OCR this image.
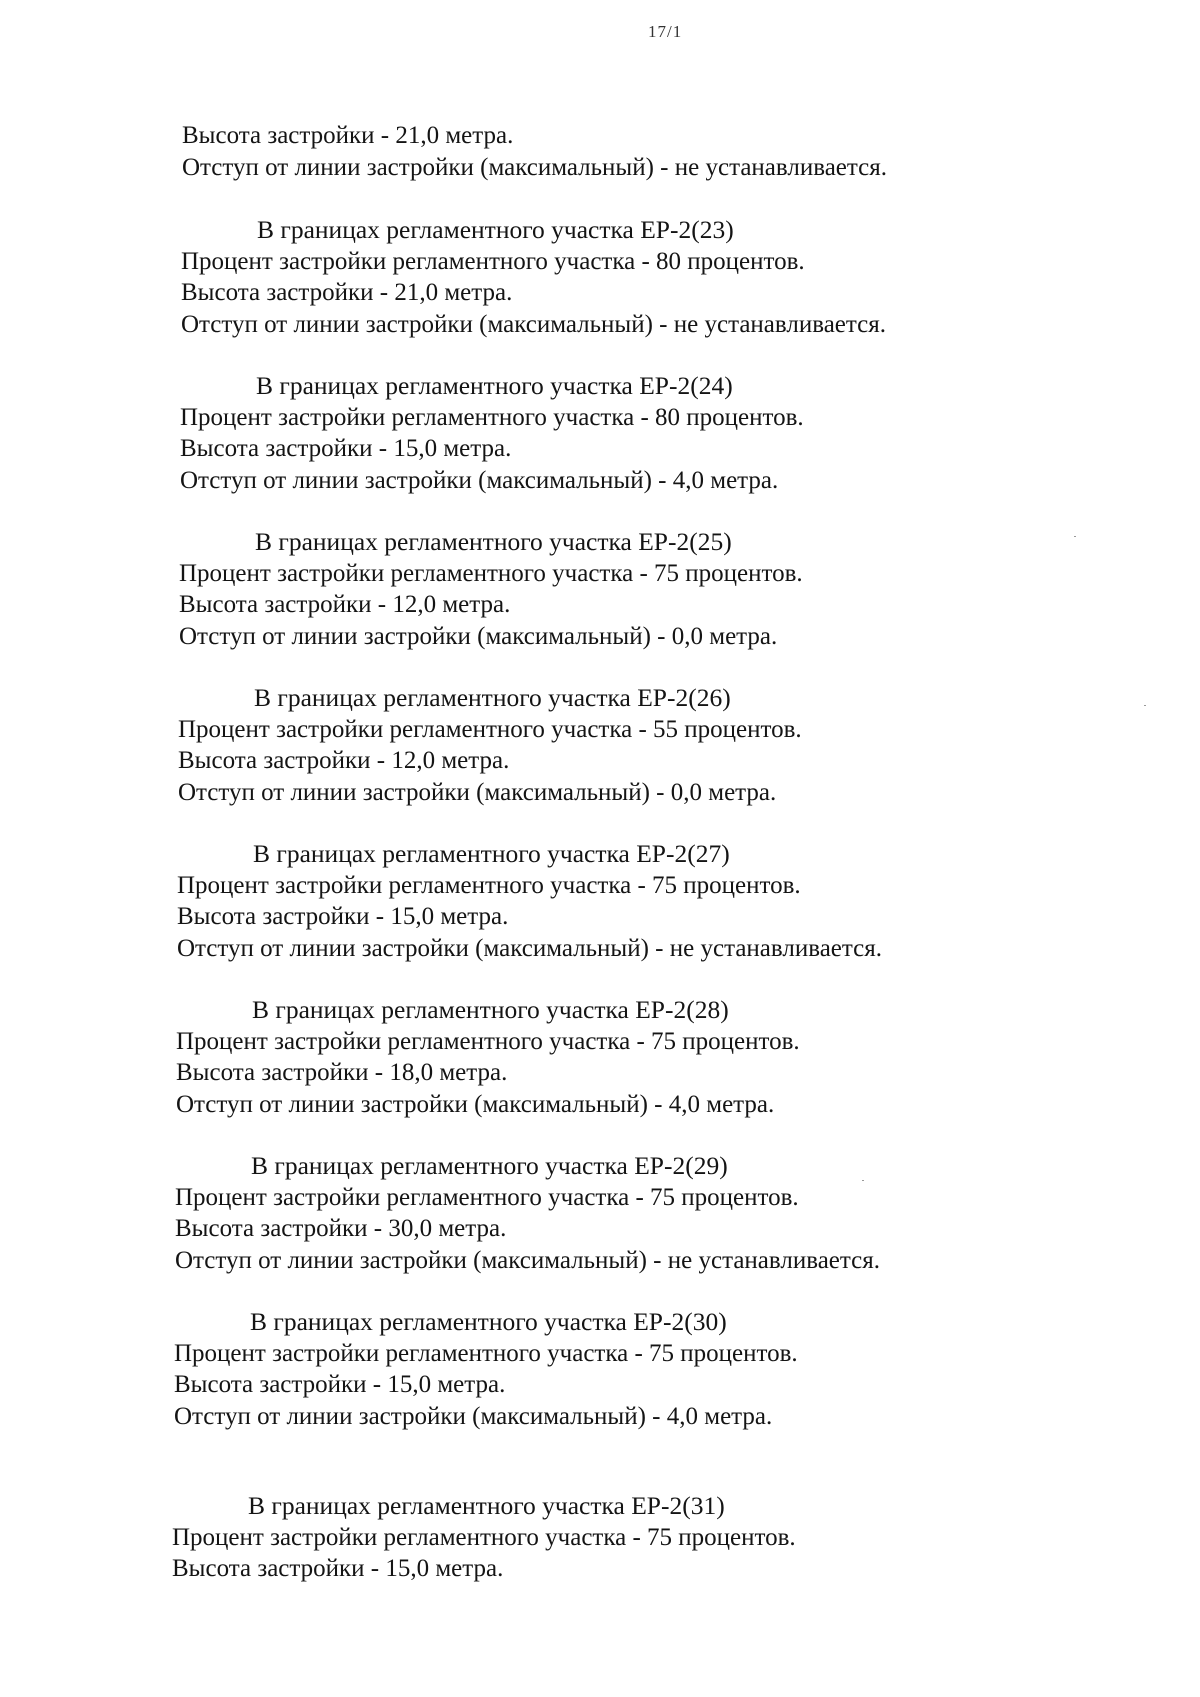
17/1
Высота застройки - 21,0 метра.
Отступ от линии застройки (максимальный) - не устанавливается.
В границах регламентного участка ЕР-2(23)
Процент застройки регламентного участка - 80 процентов.
Высота застройки - 21,0 метра.
Отступ от линии застройки (максимальный) - не устанавливается.
В границах регламентного участка ЕР-2(24)
Процент застройки регламентного участка - 80 процентов.
Высота застройки - 15,0 метра.
Отступ от линии застройки (максимальный) - 4,0 метра.
В границах регламентного участка ЕР-2(25)
Процент застройки регламентного участка - 75 процентов.
Высота застройки - 12,0 метра.
Отступ от линии застройки (максимальный) - 0,0 метра.
В границах регламентного участка ЕР-2(26)
Процент застройки регламентного участка - 55 процентов.
Высота застройки - 12,0 метра.
Отступ от линии застройки (максимальный) - 0,0 метра.
В границах регламентного участка ЕР-2(27)
Процент застройки регламентного участка - 75 процентов.
Высота застройки - 15,0 метра.
Отступ от линии застройки (максимальный) - не устанавливается.
В границах регламентного участка ЕР-2(28)
Процент застройки регламентного участка - 75 процентов.
Высота застройки - 18,0 метра.
Отступ от линии застройки (максимальный) - 4,0 метра.
В границах регламентного участка ЕР-2(29)
Процент застройки регламентного участка - 75 процентов.
Высота застройки - 30,0 метра.
Отступ от линии застройки (максимальный) - не устанавливается.
В границах регламентного участка ЕР-2(30)
Процент застройки регламентного участка - 75 процентов.
Высота застройки - 15,0 метра.
Отступ от линии застройки (максимальный) - 4,0 метра.
В границах регламентного участка ЕР-2(31)
Процент застройки регламентного участка - 75 процентов.
Высота застройки - 15,0 метра.
